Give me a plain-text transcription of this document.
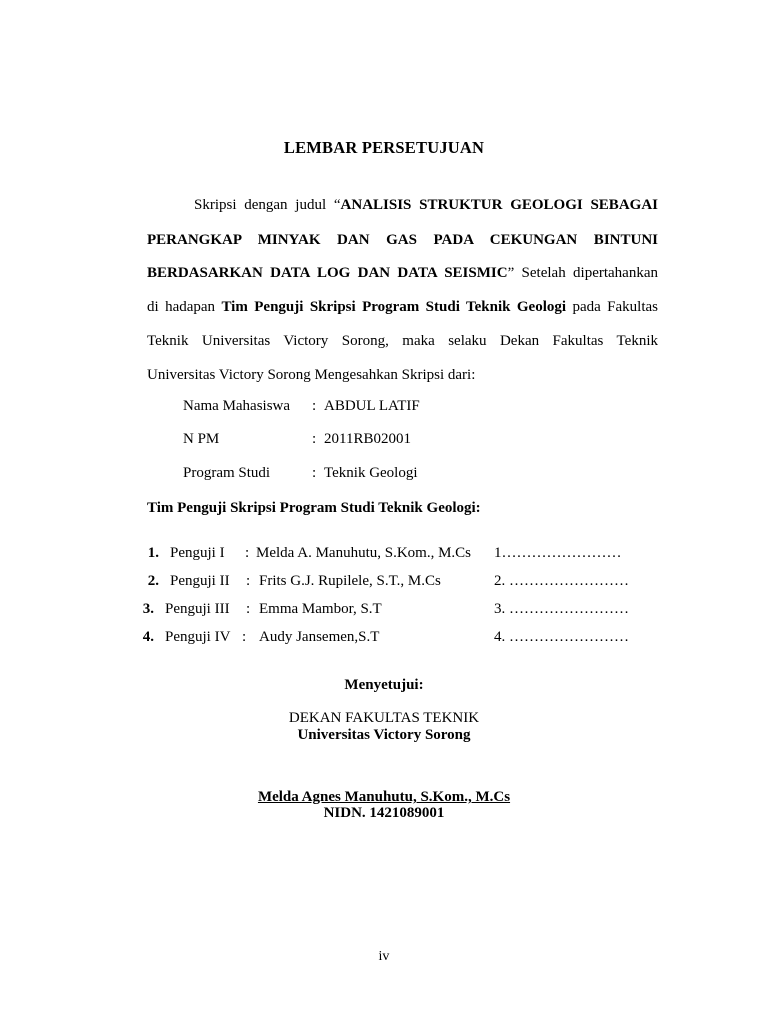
LEMBAR PERSETUJUAN
Skripsi dengan judul “ANALISIS STRUKTUR GEOLOGI SEBAGAI
PERANGKAP MINYAK DAN GAS PADA CEKUNGAN BINTUNI
BERDASARKAN DATA LOG DAN DATA SEISMIC” Setelah dipertahankan
di hadapan Tim Penguji Skripsi Program Studi Teknik Geologi pada Fakultas
Teknik Universitas Victory Sorong, maka selaku Dekan Fakultas Teknik
Universitas Victory Sorong Mengesahkan Skripsi dari:
Nama Mahasiswa : ABDUL LATIF
N PM	: 2011RB02001
Program Studi	: Teknik Geologi
Tim Penguji Skripsi Program Studi Teknik Geologi:
1. Penguji I : Melda A. Manuhutu, S.Kom., M.Cs 1……………………
2. Penguji II : Frits G.J. Rupilele, S.T., M.Cs	2. ……………………
3. Penguji III : Emma Mambor, S.T	3. ……………………
4. Penguji IV : Audy Jansemen,S.T	4. ……………………
Menyetujui:
DEKAN FAKULTAS TEKNIK
Universitas Victory Sorong
Melda Agnes Manuhutu, S.Kom., M.Cs
NIDN. 1421089001
iv
